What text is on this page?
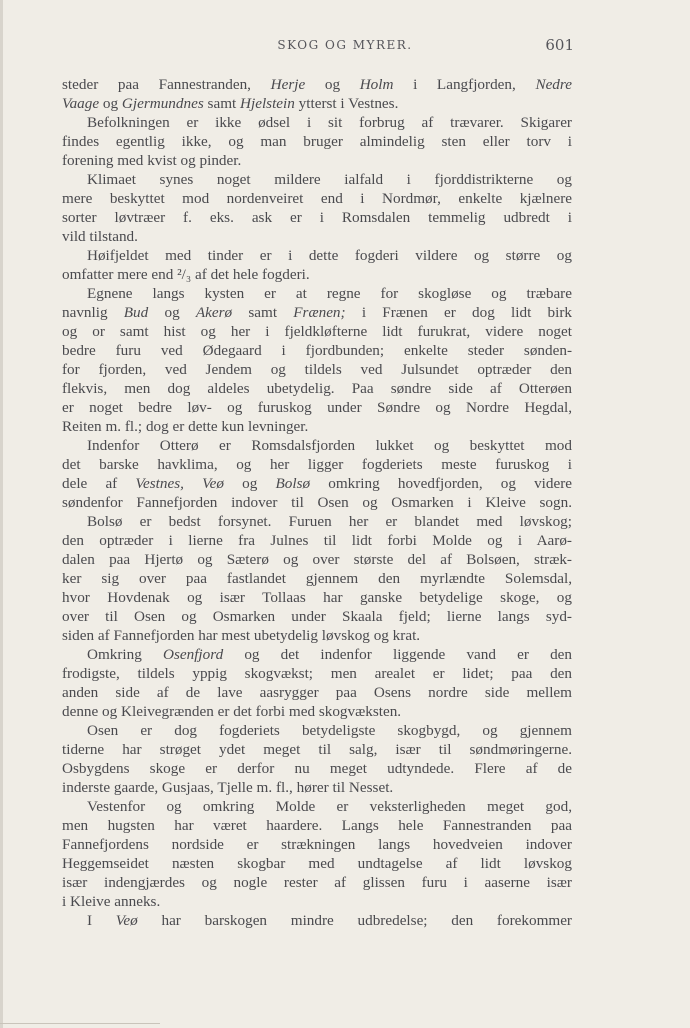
SKOG OG MYRER.	601
steder paa Fannestranden, Herje og Holm i Langfjorden, Nedre
Vaage og Gjermundnes samt Hjelstein ytterst i Vestnes.
Befolkningen er ikke ødsel i sit forbrug af trævarer. Skigarer
findes egentlig ikke, og man bruger almindelig sten eller torv i
forening med kvist og pinder.
Klimaet synes noget mildere ialfald i fjorddistrikterne og
mere beskyttet mod nordenveiret end i Nordmør, enkelte kjælnere
sorter løvtræer f. eks. ask er i Romsdalen temmelig udbredt i
vild tilstand.
Høifjeldet med tinder er i dette fogderi vildere og større og
omfatter mere end ²/₃ af det hele fogderi.
Egnene langs kysten er at regne for skogløse og træbare
navnlig Bud og Akerø samt Frænen; i Frænen er dog lidt birk
og or samt hist og her i fjeldkløfterne lidt furukrat, videre noget
bedre furu ved Ødegaard i fjordbunden; enkelte steder sønden-
for fjorden, ved Jendem og tildels ved Julsundet optræder den
flekvis, men dog aldeles ubetydelig. Paa søndre side af Otterøen
er noget bedre løv- og furuskog under Søndre og Nordre Hegdal,
Reiten m. fl.; dog er dette kun levninger.
Indenfor Otterø er Romsdalsfjorden lukket og beskyttet mod
det barske havklima, og her ligger fogderiets meste furuskog i
dele af Vestnes, Veø og Bolsø omkring hovedfjorden, og videre
søndenfor Fannefjorden indover til Osen og Osmarken i Kleive sogn.
Bolsø er bedst forsynet. Furuen her er blandet med løvskog;
den optræder i lierne fra Julnes til lidt forbi Molde og i Aarø-
dalen paa Hjertø og Sæterø og over største del af Bolsøen, stræk-
ker sig over paa fastlandet gjennem den myrlændte Solemsdal,
hvor Hovdenak og især Tollaas har ganske betydelige skoge, og
over til Osen og Osmarken under Skaala fjeld; lierne langs syd-
siden af Fannefjorden har mest ubetydelig løvskog og krat.
Omkring Osenfjord og det indenfor liggende vand er den
frodigste, tildels yppig skogvækst; men arealet er lidet; paa den
anden side af de lave aasrygger paa Osens nordre side mellem
denne og Kleivegrænden er det forbi med skogvæksten.
Osen er dog fogderiets betydeligste skogbygd, og gjennem
tiderne har strøget ydet meget til salg, især til søndmøringerne.
Osbygdens skoge er derfor nu meget udtyndede. Flere af de
inderste gaarde, Gusjaas, Tjelle m. fl., hører til Nesset.
Vestenfor og omkring Molde er veksterligheden meget god,
men hugsten har været haardere. Langs hele Fannestranden paa
Fannefjordens nordside er strækningen langs hovedveien indover
Heggemseidet næsten skogbar med undtagelse af lidt løvskog
især indengjærdes og nogle rester af glissen furu i aaserne især
i Kleive anneks.
I Veø har barskogen mindre udbredelse; den forekommer
